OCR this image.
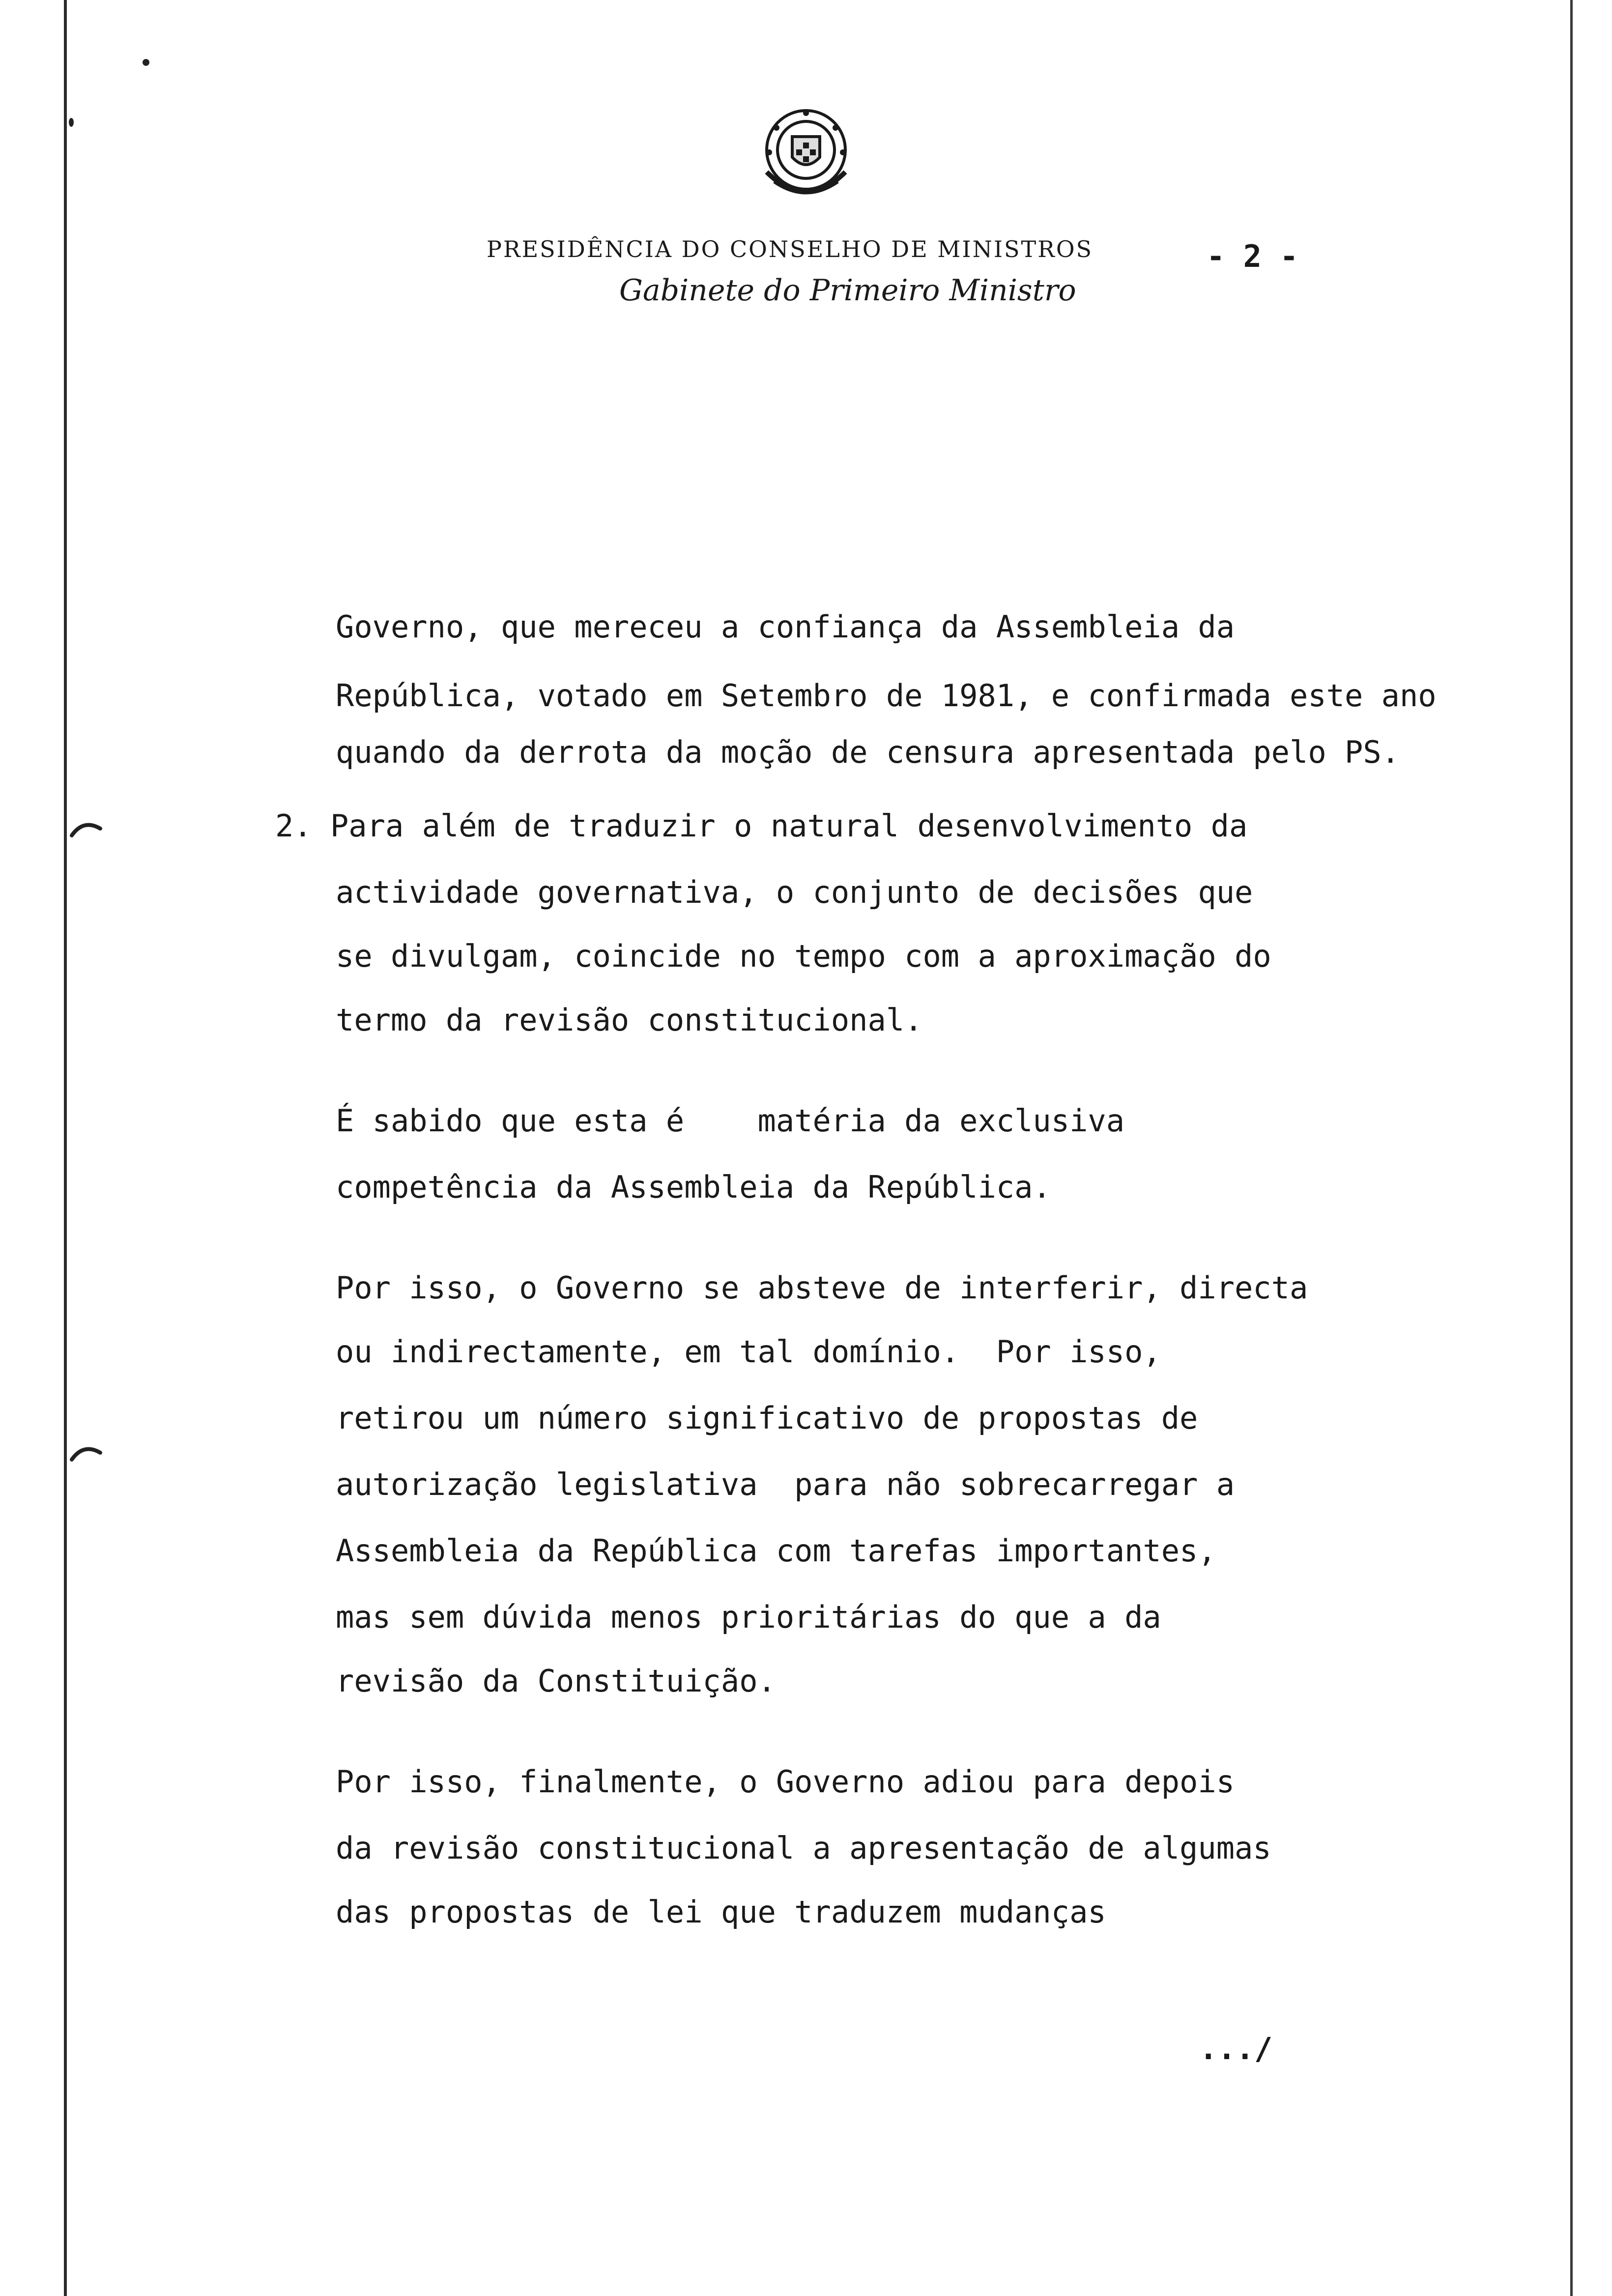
PRESIDÊNCIA DO CONSELHO DE MINISTROS	- 2 -
Gabinete do Primeiro Ministro
Governo, que mereceu a confiança da Assembleia da
República, votado em Setembro de 1981, e confirmada este ano
quando da derrota da moção de censura apresentada pelo PS.
2. Para além de traduzir o natural desenvolvimento da
actividade governativa, o conjunto de decisões que
se divulgam, coincide no tempo com a aproximação do
termo da revisão constitucional.
É sabido que esta é    matéria da exclusiva
competência da Assembleia da República.
Por isso, o Governo se absteve de interferir, directa
ou indirectamente, em tal domínio.  Por isso,
retirou um número significativo de propostas de
autorização legislativa  para não sobrecarregar a
Assembleia da República com tarefas importantes,
mas sem dúvida menos prioritárias do que a da
revisão da Constituição.
Por isso, finalmente, o Governo adiou para depois
da revisão constitucional a apresentação de algumas
das propostas de lei que traduzem mudanças
.../
